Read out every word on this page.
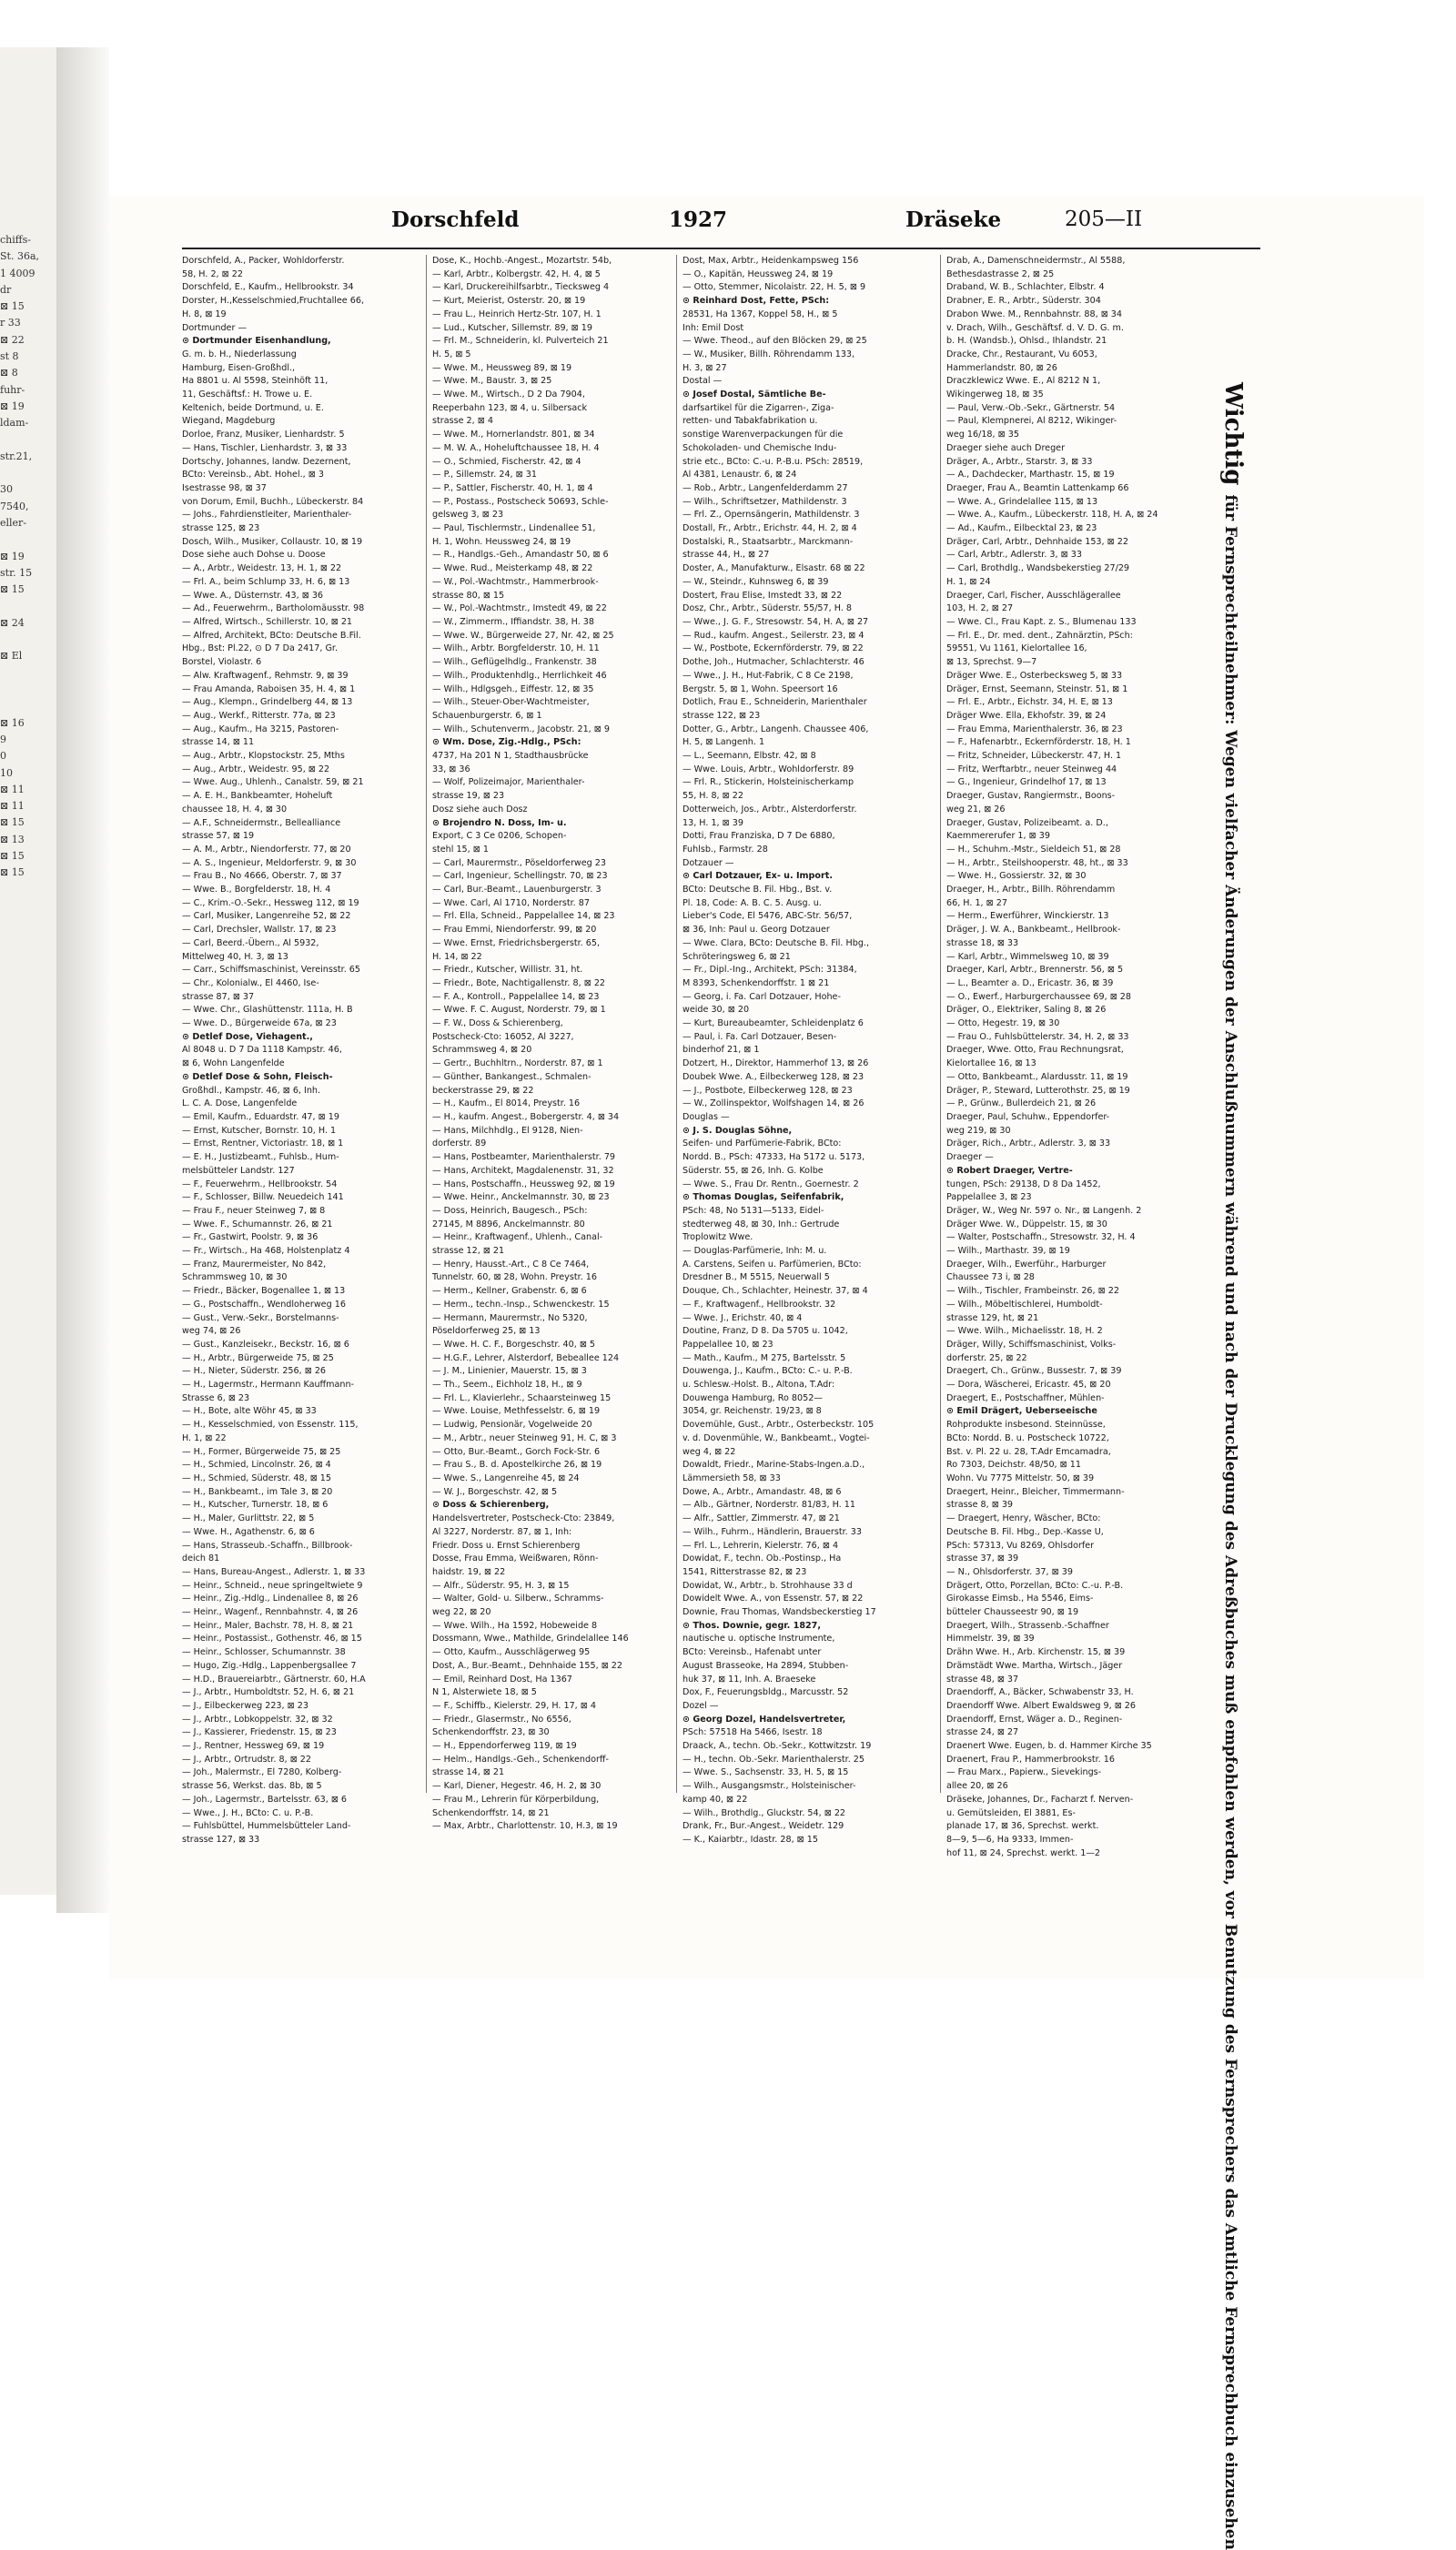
chiffs-
St. 36a,
1 4009
dr
⊠ 15
r 33
⊠ 22
st 8
⊠ 8
fuhr-
⊠ 19
ldam-

str.21,

30
7540,
eller-

⊠ 19
str. 15
⊠ 15

⊠ 24

⊠ El

⊠ 16
9
0
10
⊠ 11
⊠ 11
⊠ 15
⊠ 13
⊠ 15
⊠ 15
Dorschfeld	1927	Dräseke	205—II
Dorschfeld, A., Packer, Wohldorferstr.
58, H. 2, ⊠ 22
Dorschfeld, E., Kaufm., Hellbrookstr. 34
Dorster, H.,Kesselschmied,Fruchtallee 66,
H. 8, ⊠ 19
Dortmunder —
⊙ Dortmunder Eisenhandlung,
G. m. b. H., Niederlassung
Hamburg, Eisen-Großhdl.,
Ha 8801 u. Al 5598, Steinhöft 11,
11, Geschäftsf.: H. Trowe u. E.
Keltenich, beide Dortmund, u. E.
Wiegand, Magdeburg
Dorloe, Franz, Musiker, Lienhardstr. 5
— Hans, Tischler, Lienhardstr. 3, ⊠ 33
Dortschy, Johannes, landw. Dezernent,
BCto: Vereinsb., Abt. Hohel., ⊠ 3
Isestrasse 98, ⊠ 37
von Dorum, Emil, Buchh., Lübeckerstr. 84
— Johs., Fahrdienstleiter, Marienthaler-
strasse 125, ⊠ 23
Dosch, Wilh., Musiker, Collaustr. 10, ⊠ 19
Dose siehe auch Dohse u. Doose
— A., Arbtr., Weidestr. 13, H. 1, ⊠ 22
— Frl. A., beim Schlump 33, H. 6, ⊠ 13
— Wwe. A., Düsternstr. 43, ⊠ 36
— Ad., Feuerwehrm., Bartholomäusstr. 98
— Alfred, Wirtsch., Schillerstr. 10, ⊠ 21
— Alfred, Architekt, BCto: Deutsche B.Fil.
Hbg., Bst: Pl.22, ⊙ D 7 Da 2417, Gr.
Borstel, Violastr. 6
— Alw. Kraftwagenf., Rehmstr. 9, ⊠ 39
— Frau Amanda, Raboisen 35, H. 4, ⊠ 1
— Aug., Klempn., Grindelberg 44, ⊠ 13
— Aug., Werkf., Ritterstr. 77a, ⊠ 23
— Aug., Kaufm., Ha 3215, Pastoren-
strasse 14, ⊠ 11
— Aug., Arbtr., Klopstockstr. 25, Mths
— Aug., Arbtr., Weidestr. 95, ⊠ 22
— Wwe. Aug., Uhlenh., Canalstr. 59, ⊠ 21
— A. E. H., Bankbeamter, Hoheluft
chaussee 18, H. 4, ⊠ 30
— A.F., Schneidermstr., Belleallianсe
strasse 57, ⊠ 19
— A. M., Arbtr., Niendorferstr. 77, ⊠ 20
— A. S., Ingenieur, Meldorferstr. 9, ⊠ 30
— Frau B., No 4666, Oberstr. 7, ⊠ 37
— Wwe. B., Borgfelderstr. 18, H. 4
— C., Krim.-O.-Sekr., Hessweg 112, ⊠ 19
— Carl, Musiker, Langenreihe 52, ⊠ 22
— Carl, Drechsler, Wallstr. 17, ⊠ 23
— Carl, Beerd.-Übern., Al 5932,
Mittelweg 40, H. 3, ⊠ 13
— Carr., Schiffsmaschinist, Vereinsstr. 65
— Chr., Kolonialw., El 4460, Ise-
strasse 87, ⊠ 37
— Wwe. Chr., Glashüttenstr. 111a, H. B
— Wwe. D., Bürgerweide 67a, ⊠ 23
⊙ Detlef Dose, Viehagent.,
Al 8048 u. D 7 Da 1118 Kampstr. 46,
⊠ 6, Wohn Langenfelde
⊙ Detlef Dose & Sohn, Fleisch-
Großhdl., Kampstr. 46, ⊠ 6, Inh.
L. C. A. Dose, Langenfelde
— Emil, Kaufm., Eduardstr. 47, ⊠ 19
— Ernst, Kutscher, Bornstr. 10, H. 1
— Ernst, Rentner, Victoriastr. 18, ⊠ 1
— E. H., Justizbeamt., Fuhlsb., Hum-
melsbütteler Landstr. 127
— F., Feuerwehrm., Hellbrookstr. 54
— F., Schlosser, Billw. Neuedeich 141
— Frau F., neuer Steinweg 7, ⊠ 8
— Wwe. F., Schumannstr. 26, ⊠ 21
— Fr., Gastwirt, Poolstr. 9, ⊠ 36
— Fr., Wirtsch., Ha 468, Holstenplatz 4
— Franz, Maurermeister, No 842,
Schrammsweg 10, ⊠ 30
— Friedr., Bäcker, Bogenallee 1, ⊠ 13
— G., Postschaffn., Wendloherweg 16
— Gust., Verw.-Sekr., Borstelmanns-
weg 74, ⊠ 26
— Gust., Kanzleisekr., Beckstr. 16, ⊠ 6
— H., Arbtr., Bürgerweide 75, ⊠ 25
— H., Nieter, Süderstr. 256, ⊠ 26
— H., Lagermstr., Hermann Kauffmann-
Strasse 6, ⊠ 23
— H., Bote, alte Wöhr 45, ⊠ 33
— H., Kesselschmied, von Essenstr. 115,
H. 1, ⊠ 22
— H., Former, Bürgerweide 75, ⊠ 25
— H., Schmied, Lincolnstr. 26, ⊠ 4
— H., Schmied, Süderstr. 48, ⊠ 15
— H., Bankbeamt., im Tale 3, ⊠ 20
— H., Kutscher, Turnerstr. 18, ⊠ 6
— H., Maler, Gurlittstr. 22, ⊠ 5
— Wwe. H., Agathenstr. 6, ⊠ 6
— Hans, Strasseub.-Schaffn., Billbrook-
deich 81
— Hans, Bureau-Angest., Adlerstr. 1, ⊠ 33
— Heinr., Schneid., neue springeltwiete 9
— Heinr., Zig.-Hdlg., Lindenallee 8, ⊠ 26
— Heinr., Wagenf., Rennbahnstr. 4, ⊠ 26
— Heinr., Maler, Bachstr. 78, H. 8, ⊠ 21
— Heinr., Postassist., Gothenstr. 46, ⊠ 15
— Heinr., Schlosser, Schumannstr. 38
— Hugo, Zig.-Hdlg., Lappenbergsallee 7
— H.D., Brauereiarbtr., Gärtnerstr. 60, H.A
— J., Arbtr., Humboldtstr. 52, H. 6, ⊠ 21
— J., Eilbeckerweg 223, ⊠ 23
— J., Arbtr., Lobkoppelstr. 32, ⊠ 32
— J., Kassierer, Friedenstr. 15, ⊠ 23
— J., Rentner, Hessweg 69, ⊠ 19
— J., Arbtr., Ortrudstr. 8, ⊠ 22
— Joh., Malermstr., El 7280, Kolberg-
strasse 56, Werkst. das. 8b, ⊠ 5
— Joh., Lagermstr., Bartelsstr. 63, ⊠ 6
— Wwe., J. H., BCto: C. u. P.-B.
— Fuhlsbüttel, Hummelsbütteler Land-
strasse 127, ⊠ 33
Dose, K., Hochb.-Angest., Mozartstr. 54b,
— Karl, Arbtr., Kolbergstr. 42, H. 4, ⊠ 5
— Karl, Druckereihilfsarbtr., Tiecksweg 4
— Kurt, Meierist, Osterstr. 20, ⊠ 19
— Frau L., Heinrich Hertz-Str. 107, H. 1
— Lud., Kutscher, Sillemstr. 89, ⊠ 19
— Frl. M., Schneiderin, kl. Pulverteich 21
H. 5, ⊠ 5
— Wwe. M., Heussweg 89, ⊠ 19
— Wwe. M., Baustr. 3, ⊠ 25
— Wwe. M., Wirtsch., D 2 Da 7904,
Reeperbahn 123, ⊠ 4, u. Silbersack
strasse 2, ⊠ 4
— Wwe. M., Hornerlandstr. 801, ⊠ 34
— M. W. A., Hoheluftchaussee 18, H. 4
— O., Schmied, Fischerstr. 42, ⊠ 4
— P., Sillemstr. 24, ⊠ 31
— P., Sattler, Fischerstr. 40, H. 1, ⊠ 4
— P., Postass., Postscheck 50693, Schle-
gelsweg 3, ⊠ 23
— Paul, Tischlermstr., Lindenallee 51,
H. 1, Wohn. Heussweg 24, ⊠ 19
— R., Handlgs.-Geh., Amandastr 50, ⊠ 6
— Wwe. Rud., Meisterkamp 48, ⊠ 22
— W., Pol.-Wachtmstr., Hammerbrook-
strasse 80, ⊠ 15
— W., Pol.-Wachtmstr., Imstedt 49, ⊠ 22
— W., Zimmerm., Iffiandstr. 38, H. 38
— Wwe. W., Bürgerweide 27, Nr. 42, ⊠ 25
— Wilh., Arbtr. Borgfelderstr. 10, H. 11
— Wilh., Geflügelhdlg., Frankenstr. 38
— Wilh., Produktenhdlg., Herrlichkeit 46
— Wilh., Hdlgsgeh., Eiffestr. 12, ⊠ 35
— Wilh., Steuer-Ober-Wachtmeister,
Schauenburgerstr. 6, ⊠ 1
— Wilh., Schutenverm., Jacobstr. 21, ⊠ 9
⊙ Wm. Dose, Zig.-Hdlg., PSch:
4737, Ha 201 N 1, Stadthausbrücke
33, ⊠ 36
— Wolf, Polizeimajor, Marienthaler-
strasse 19, ⊠ 23
Dosz siehe auch Dosz
⊙ Brojendro N. Doss, Im- u.
Export, C 3 Ce 0206, Schopen-
stehl 15, ⊠ 1
— Carl, Maurermstr., Pöseldorferweg 23
— Carl, Ingenieur, Schellingstr. 70, ⊠ 23
— Carl, Bur.-Beamt., Lauenburgerstr. 3
— Wwe. Carl, Al 1710, Norderstr. 87
— Frl. Ella, Schneid., Pappelallee 14, ⊠ 23
— Frau Emmi, Niendorferstr. 99, ⊠ 20
— Wwe. Ernst, Friedrichsbergerstr. 65,
H. 14, ⊠ 22
— Friedr., Kutscher, Willistr. 31, ht.
— Friedr., Bote, Nachtigallenstr. 8, ⊠ 22
— F. A., Kontroll., Pappelallee 14, ⊠ 23
— Wwe. F. C. August, Norderstr. 79, ⊠ 1
— F. W., Doss & Schierenberg,
Postscheck-Cto: 16052, Al 3227,
Schrammsweg 4, ⊠ 20
— Gertr., Buchhltrn., Norderstr. 87, ⊠ 1
— Günther, Bankangest., Schmalen-
beckerstrasse 29, ⊠ 22
— H., Kaufm., El 8014, Preystr. 16
— H., kaufm. Angest., Bobergerstr. 4, ⊠ 34
— Hans, Milchhdlg., El 9128, Nien-
dorferstr. 89
— Hans, Postbeamter, Marienthalerstr. 79
— Hans, Architekt, Magdalenenstr. 31, 32
— Hans, Postschaffn., Heussweg 92, ⊠ 19
— Wwe. Heinr., Anckelmannstr. 30, ⊠ 23
— Doss, Heinrich, Baugesch., PSch:
27145, M 8896, Anckelmannstr. 80
— Heinr., Kraftwagenf., Uhlenh., Canal-
strasse 12, ⊠ 21
— Henry, Hausst.-Art., C 8 Ce 7464,
Tunnelstr. 60, ⊠ 28, Wohn. Preystr. 16
— Herm., Kellner, Grabenstr. 6, ⊠ 6
— Herm., techn.-Insp., Schwenckestr. 15
— Hermann, Maurermstr., No 5320,
Pöseldorferweg 25, ⊠ 13
— Wwe. H. C. F., Borgeschstr. 40, ⊠ 5
— H.G.F., Lehrer, Alsterdorf, Bebeallee 124
— J. M., Linienier, Mauerstr. 15, ⊠ 3
— Th., Seem., Eichholz 18, H., ⊠ 9
— Frl. L., Klavierlehr., Schaarsteinweg 15
— Wwe. Louise, Methfesselstr. 6, ⊠ 19
— Ludwig, Pensionär, Vogelweide 20
— M., Arbtr., neuer Steinweg 91, H. C, ⊠ 3
— Otto, Bur.-Beamt., Gorch Fock-Str. 6
— Frau S., B. d. Apostelkirche 26, ⊠ 19
— Wwe. S., Langenreihe 45, ⊠ 24
— W. J., Borgeschstr. 42, ⊠ 5
⊙ Doss & Schierenberg,
Handelsvertreter, Postscheck-Cto: 23849,
Al 3227, Norderstr. 87, ⊠ 1, Inh:
Friedr. Doss u. Ernst Schierenberg
Dosse, Frau Emma, Weißwaren, Rönn-
haidstr. 19, ⊠ 22
— Alfr., Süderstr. 95, H. 3, ⊠ 15
— Walter, Gold- u. Silberw., Schramms-
weg 22, ⊠ 20
— Wwe. Wilh., Ha 1592, Hobeweide 8
Dossmann, Wwe., Mathilde, Grindelallee 146
— Otto, Kaufm., Ausschlägerweg 95
Dost, A., Bur.-Beamt., Dehnhaide 155, ⊠ 22
— Emil, Reinhard Dost, Ha 1367
N 1, Alsterwiete 18, ⊠ 5
— F., Schiffb., Kielerstr. 29, H. 17, ⊠ 4
— Friedr., Glasermstr., No 6556,
Schenkendorffstr. 23, ⊠ 30
— H., Eppendorferweg 119, ⊠ 19
— Helm., Handlgs.-Geh., Schenkendorff-
strasse 14, ⊠ 21
— Karl, Diener, Hegestr. 46, H. 2, ⊠ 30
— Frau M., Lehrerin für Körperbildung,
Schenkendorffstr. 14, ⊠ 21
— Max, Arbtr., Charlottenstr. 10, H.3, ⊠ 19
Dost, Max, Arbtr., Heidenkampsweg 156
— O., Kapitän, Heussweg 24, ⊠ 19
— Otto, Stemmer, Nicolaistr. 22, H. 5, ⊠ 9
⊙ Reinhard Dost, Fette, PSch:
28531, Ha 1367, Koppel 58, H., ⊠ 5
Inh: Emil Dost
— Wwe. Theod., auf den Blöcken 29, ⊠ 25
— W., Musiker, Billh. Röhrendamm 133,
H. 3, ⊠ 27
Dostal —
⊙ Josef Dostal, Sämtliche Be-
darfsartikel für die Zigarren-, Ziga-
retten- und Tabakfabrikation u.
sonstige Warenverpackungen für die
Schokoladen- und Chemische Indu-
strie etc., BCto: C.-u. P.-B.u. PSch: 28519,
Al 4381, Lenaustr. 6, ⊠ 24
— Rob., Arbtr., Langenfelderdamm 27
— Wilh., Schriftsetzer, Mathildenstr. 3
— Frl. Z., Opernsängerin, Mathildenstr. 3
Dostall, Fr., Arbtr., Erichstr. 44, H. 2, ⊠ 4
Dostalski, R., Staatsarbtr., Marckmann-
strasse 44, H., ⊠ 27
Doster, A., Manufakturw., Elsastr. 68 ⊠ 22
— W., Steindr., Kuhnsweg 6, ⊠ 39
Dostert, Frau Elise, Imstedt 33, ⊠ 22
Dosz, Chr., Arbtr., Süderstr. 55/57, H. 8
— Wwe., J. G. F., Stresowstr. 54, H. A, ⊠ 27
— Rud., kaufm. Angest., Seilerstr. 23, ⊠ 4
— W., Postbote, Eckernförderstr. 79, ⊠ 22
Dothe, Joh., Hutmacher, Schlachterstr. 46
— Wwe., J. H., Hut-Fabrik, C 8 Ce 2198,
Bergstr. 5, ⊠ 1, Wohn. Speersort 16
Dotlich, Frau E., Schneiderin, Marienthaler
strasse 122, ⊠ 23
Dotter, G., Arbtr., Langenh. Chaussee 406,
H. 5, ⊠ Langenh. 1
— L., Seemann, Elbstr. 42, ⊠ 8
— Wwe. Louis, Arbtr., Wohldorferstr. 89
— Frl. R., Stickerin, Holsteinischerkamp
55, H. 8, ⊠ 22
Dotterweich, Jos., Arbtr., Alsterdorferstr.
13, H. 1, ⊠ 39
Dotti, Frau Franziska, D 7 De 6880,
Fuhlsb., Farmstr. 28
Dotzauer —
⊙ Carl Dotzauer, Ex- u. Import.
BCto: Deutsche B. Fil. Hbg., Bst. v.
Pl. 18, Code: A. B. C. 5. Ausg. u.
Lieber's Code, El 5476, ABC-Str. 56/57,
⊠ 36, Inh: Paul u. Georg Dotzauer
— Wwe. Clara, BCto: Deutsche B. Fil. Hbg.,
Schröteringsweg 6, ⊠ 21
— Fr., Dipl.-Ing., Architekt, PSch: 31384,
M 8393, Schenkendorffstr. 1 ⊠ 21
— Georg, i. Fa. Carl Dotzauer, Hohe-
weide 30, ⊠ 20
— Kurt, Bureaubeamter, Schleidenplatz 6
— Paul, i. Fa. Carl Dotzauer, Besen-
binderhof 21, ⊠ 1
Dotzert, H., Direktor, Hammerhof 13, ⊠ 26
Doubek Wwe. A., Eilbeckerweg 128, ⊠ 23
— J., Postbote, Eilbeckerweg 128, ⊠ 23
— W., Zollinspektor, Wolfshagen 14, ⊠ 26
Douglas —
⊙ J. S. Douglas Söhne,
Seifen- und Parfümerie-Fabrik, BCto:
Nordd. B., PSch: 47333, Ha 5172 u. 5173,
Süderstr. 55, ⊠ 26, Inh. G. Kolbe
— Wwe. S., Frau Dr. Rentn., Goernestr. 2
⊙ Thomas Douglas, Seifenfabrik,
PSch: 48, No 5131—5133, Eidel-
stedterweg 48, ⊠ 30, Inh.: Gertrude
Troplowitz Wwe.
— Douglas-Parfümerie, Inh: M. u.
A. Carstens, Seifen u. Parfümerien, BCto:
Dresdner B., M 5515, Neuerwall 5
Douque, Ch., Schlachter, Heinestr. 37, ⊠ 4
— F., Kraftwagenf., Hellbrookstr. 32
— Wwe. J., Erichstr. 40, ⊠ 4
Doutine, Franz, D 8. Da 5705 u. 1042,
Pappelallee 10, ⊠ 23
— Math., Kaufm., M 275, Bartelsstr. 5
Douwenga, J., Kaufm., BCto: C.- u. P.-B.
u. Schlesw.-Holst. B., Altona, T.Adr:
Douwenga Hamburg, Ro 8052—
3054, gr. Reichenstr. 19/23, ⊠ 8
Dovemühle, Gust., Arbtr., Osterbeckstr. 105
v. d. Dovenmühle, W., Bankbeamt., Vogtei-
weg 4, ⊠ 22
Dowaldt, Friedr., Marine-Stabs-Ingen.a.D.,
Lämmersieth 58, ⊠ 33
Dowe, A., Arbtr., Amandastr. 48, ⊠ 6
— Alb., Gärtner, Norderstr. 81/83, H. 11
— Alfr., Sattler, Zimmerstr. 47, ⊠ 21
— Wilh., Fuhrm., Händlerin, Brauerstr. 33
— Frl. L., Lehrerin, Kielerstr. 76, ⊠ 4
Dowidat, F., techn. Ob.-Postinsp., Ha
1541, Ritterstrasse 82, ⊠ 23
Dowidat, W., Arbtr., b. Strohhause 33 d
Dowidelt Wwe. A., von Essenstr. 57, ⊠ 22
Downie, Frau Thomas, Wandsbeckerstieg 17
⊙ Thos. Downie, gegr. 1827,
nautische u. optische Instrumente,
BCto: Vereinsb., Hafenabt unter
August Brasseoke, Ha 2894, Stubben-
huk 37, ⊠ 11, Inh. A. Braeseke
Dox, F., Feuerungsbldg., Marcusstr. 52
Dozel —
⊙ Georg Dozel, Handelsvertreter,
PSch: 57518 Ha 5466, Isestr. 18
Draack, A., techn. Ob.-Sekr., Kottwitzstr. 19
— H., techn. Ob.-Sekr. Marienthalerstr. 25
— Wwe. S., Sachsenstr. 33, H. 5, ⊠ 15
— Wilh., Ausgangsmstr., Holsteinischer-
kamp 40, ⊠ 22
— Wilh., Brothdlg., Gluckstr. 54, ⊠ 22
Drank, Fr., Bur.-Angest., Weidetr. 129
— K., Kaiarbtr., Idastr. 28, ⊠ 15
Drab, A., Damenschneidermstr., Al 5588,
Bethesdastrasse 2, ⊠ 25
Draband, W. B., Schlachter, Elbstr. 4
Drabner, E. R., Arbtr., Süderstr. 304
Drabon Wwe. M., Rennbahnstr. 88, ⊠ 34
v. Drach, Wilh., Geschäftsf. d. V. D. G. m.
b. H. (Wandsb.), Ohlsd., Ihlandstr. 21
Dracke, Chr., Restaurant, Vu 6053,
Hammerlandstr. 80, ⊠ 26
Draczklewicz Wwe. E., Al 8212 N 1,
Wikingerweg 18, ⊠ 35
— Paul, Verw.-Ob.-Sekr., Gärtnerstr. 54
— Paul, Klempnerei, Al 8212, Wikinger-
weg 16/18, ⊠ 35
Draeger siehe auch Dreger
Dräger, A., Arbtr., Starstr. 3, ⊠ 33
— A., Dachdecker, Marthastr. 15, ⊠ 19
Draeger, Frau A., Beamtin Lattenkamp 66
— Wwe. A., Grindelallee 115, ⊠ 13
— Wwe. A., Kaufm., Lübeckerstr. 118, H. A, ⊠ 24
— Ad., Kaufm., Eilbecktal 23, ⊠ 23
Dräger, Carl, Arbtr., Dehnhaide 153, ⊠ 22
— Carl, Arbtr., Adlerstr. 3, ⊠ 33
— Carl, Brothdlg., Wandsbekerstieg 27/29
H. 1, ⊠ 24
Draeger, Carl, Fischer, Ausschlägerallee
103, H. 2, ⊠ 27
— Wwe. Cl., Frau Kapt. z. S., Blumenau 133
— Frl. E., Dr. med. dent., Zahnärztin, PSch:
59551, Vu 1161, Kielortallee 16,
⊠ 13, Sprechst. 9—7
Dräger Wwe. E., Osterbecksweg 5, ⊠ 33
Dräger, Ernst, Seemann, Steinstr. 51, ⊠ 1
— Frl. E., Arbtr., Eichstr. 34, H. E, ⊠ 13
Dräger Wwe. Ella, Ekhofstr. 39, ⊠ 24
— Frau Emma, Marienthalerstr. 36, ⊠ 23
— F., Hafenarbtr., Eckernförderstr. 18, H. 1
— Fritz, Schneider, Lübeckerstr. 47, H. 1
— Fritz, Werftarbtr., neuer Steinweg 44
— G., Ingenieur, Grindelhof 17, ⊠ 13
Draeger, Gustav, Rangiermstr., Boons-
weg 21, ⊠ 26
Draeger, Gustav, Polizeibeamt. a. D.,
Kaemmererufer 1, ⊠ 39
— H., Schuhm.-Mstr., Sieldeich 51, ⊠ 28
— H., Arbtr., Steilshooperstr. 48, ht., ⊠ 33
— Wwe. H., Gossierstr. 32, ⊠ 30
Draeger, H., Arbtr., Billh. Röhrendamm
66, H. 1, ⊠ 27
— Herm., Ewerführer, Winckierstr. 13
Dräger, J. W. A., Bankbeamt., Hellbrook-
strasse 18, ⊠ 33
— Karl, Arbtr., Wimmelsweg 10, ⊠ 39
Draeger, Karl, Arbtr., Brennerstr. 56, ⊠ 5
— L., Beamter a. D., Ericastr. 36, ⊠ 39
— O., Ewerf., Harburgerchaussee 69, ⊠ 28
Dräger, O., Elektriker, Saling 8, ⊠ 26
— Otto, Hegestr. 19, ⊠ 30
— Frau O., Fuhlsbüttelerstr. 34, H. 2, ⊠ 33
Draeger, Wwe. Otto, Frau Rechnungsrat,
Kielortallee 16, ⊠ 13
— Otto, Bankbeamt., Alardusstr. 11, ⊠ 19
Dräger, P., Steward, Lutterothstr. 25, ⊠ 19
— P., Grünw., Bullerdeich 21, ⊠ 26
Draeger, Paul, Schuhw., Eppendorfer-
weg 219, ⊠ 30
Dräger, Rich., Arbtr., Adlerstr. 3, ⊠ 33
Draeger —
⊙ Robert Draeger, Vertre-
tungen, PSch: 29138, D 8 Da 1452,
Pappelallee 3, ⊠ 23
Dräger, W., Weg Nr. 597 o. Nr., ⊠ Langenh. 2
Dräger Wwe. W., Düppelstr. 15, ⊠ 30
— Walter, Postschaffn., Stresowstr. 32, H. 4
— Wilh., Marthastr. 39, ⊠ 19
Draeger, Wilh., Ewerführ., Harburger
Chaussee 73 i, ⊠ 28
— Wilh., Tischler, Frambeinstr. 26, ⊠ 22
— Wilh., Möbeltischlerei, Humboldt-
strasse 129, ht, ⊠ 21
— Wwe. Wilh., Michaelisstr. 18, H. 2
Dräger, Willy, Schiffsmaschinist, Volks-
dorferstr. 25, ⊠ 22
Draegert, Ch., Grünw., Bussestr. 7, ⊠ 39
— Dora, Wäscherei, Ericastr. 45, ⊠ 20
Draegert, E., Postschaffner, Mühlen-
⊙ Emil Drägert, Ueberseeische
Rohprodukte insbesond. Steinnüsse,
BCto: Nordd. B. u. Postscheck 10722,
Bst. v. Pl. 22 u. 28, T.Adr Emcamadra,
Ro 7303, Deichstr. 48/50, ⊠ 11
Wohn. Vu 7775 Mittelstr. 50, ⊠ 39
Draegert, Heinr., Bleicher, Timmermann-
strasse 8, ⊠ 39
— Draegert, Henry, Wäscher, BCto:
Deutsche B. Fil. Hbg., Dep.-Kasse U,
PSch: 57313, Vu 8269, Ohlsdorfer
strasse 37, ⊠ 39
— N., Ohlsdorferstr. 37, ⊠ 39
Drägert, Otto, Porzellan, BCto: C.-u. P.-B.
Girokasse Eimsb., Ha 5546, Eims-
bütteler Chausseestr 90, ⊠ 19
Draegert, Wilh., Strassenb.-Schaffner
Himmelstr. 39, ⊠ 39
Drähn Wwe. H., Arb. Kirchenstr. 15, ⊠ 39
Drämstädt Wwe. Martha, Wirtsch., Jäger
strasse 48, ⊠ 37
Draendorff, A., Bäcker, Schwabenstr 33, H.
Draendorff Wwe. Albert Ewaldsweg 9, ⊠ 26
Draendorff, Ernst, Wäger a. D., Reginen-
strasse 24, ⊠ 27
Draenert Wwe. Eugen, b. d. Hammer Kirche 35
Draenert, Frau P., Hammerbrookstr. 16
— Frau Marx., Papierw., Sievekings-
allee 20, ⊠ 26
Dräseke, Johannes, Dr., Facharzt f. Nerven-
u. Gemütsleiden, El 3881, Es-
planade 17, ⊠ 36, Sprechst. werkt.
8—9, 5—6, Ha 9333, Immen-
hof 11, ⊠ 24, Sprechst. werkt. 1—2
Wichtigfür Fernsprechteilnehmer: Wegen vielfacher Änderungen der Anschlußnummern während und nach der Drucklegung des Adreßbuches muß empfohlen werden, vor Benutzung des Fernsprechers das Amtliche Fernsprechbuch einzusehen
